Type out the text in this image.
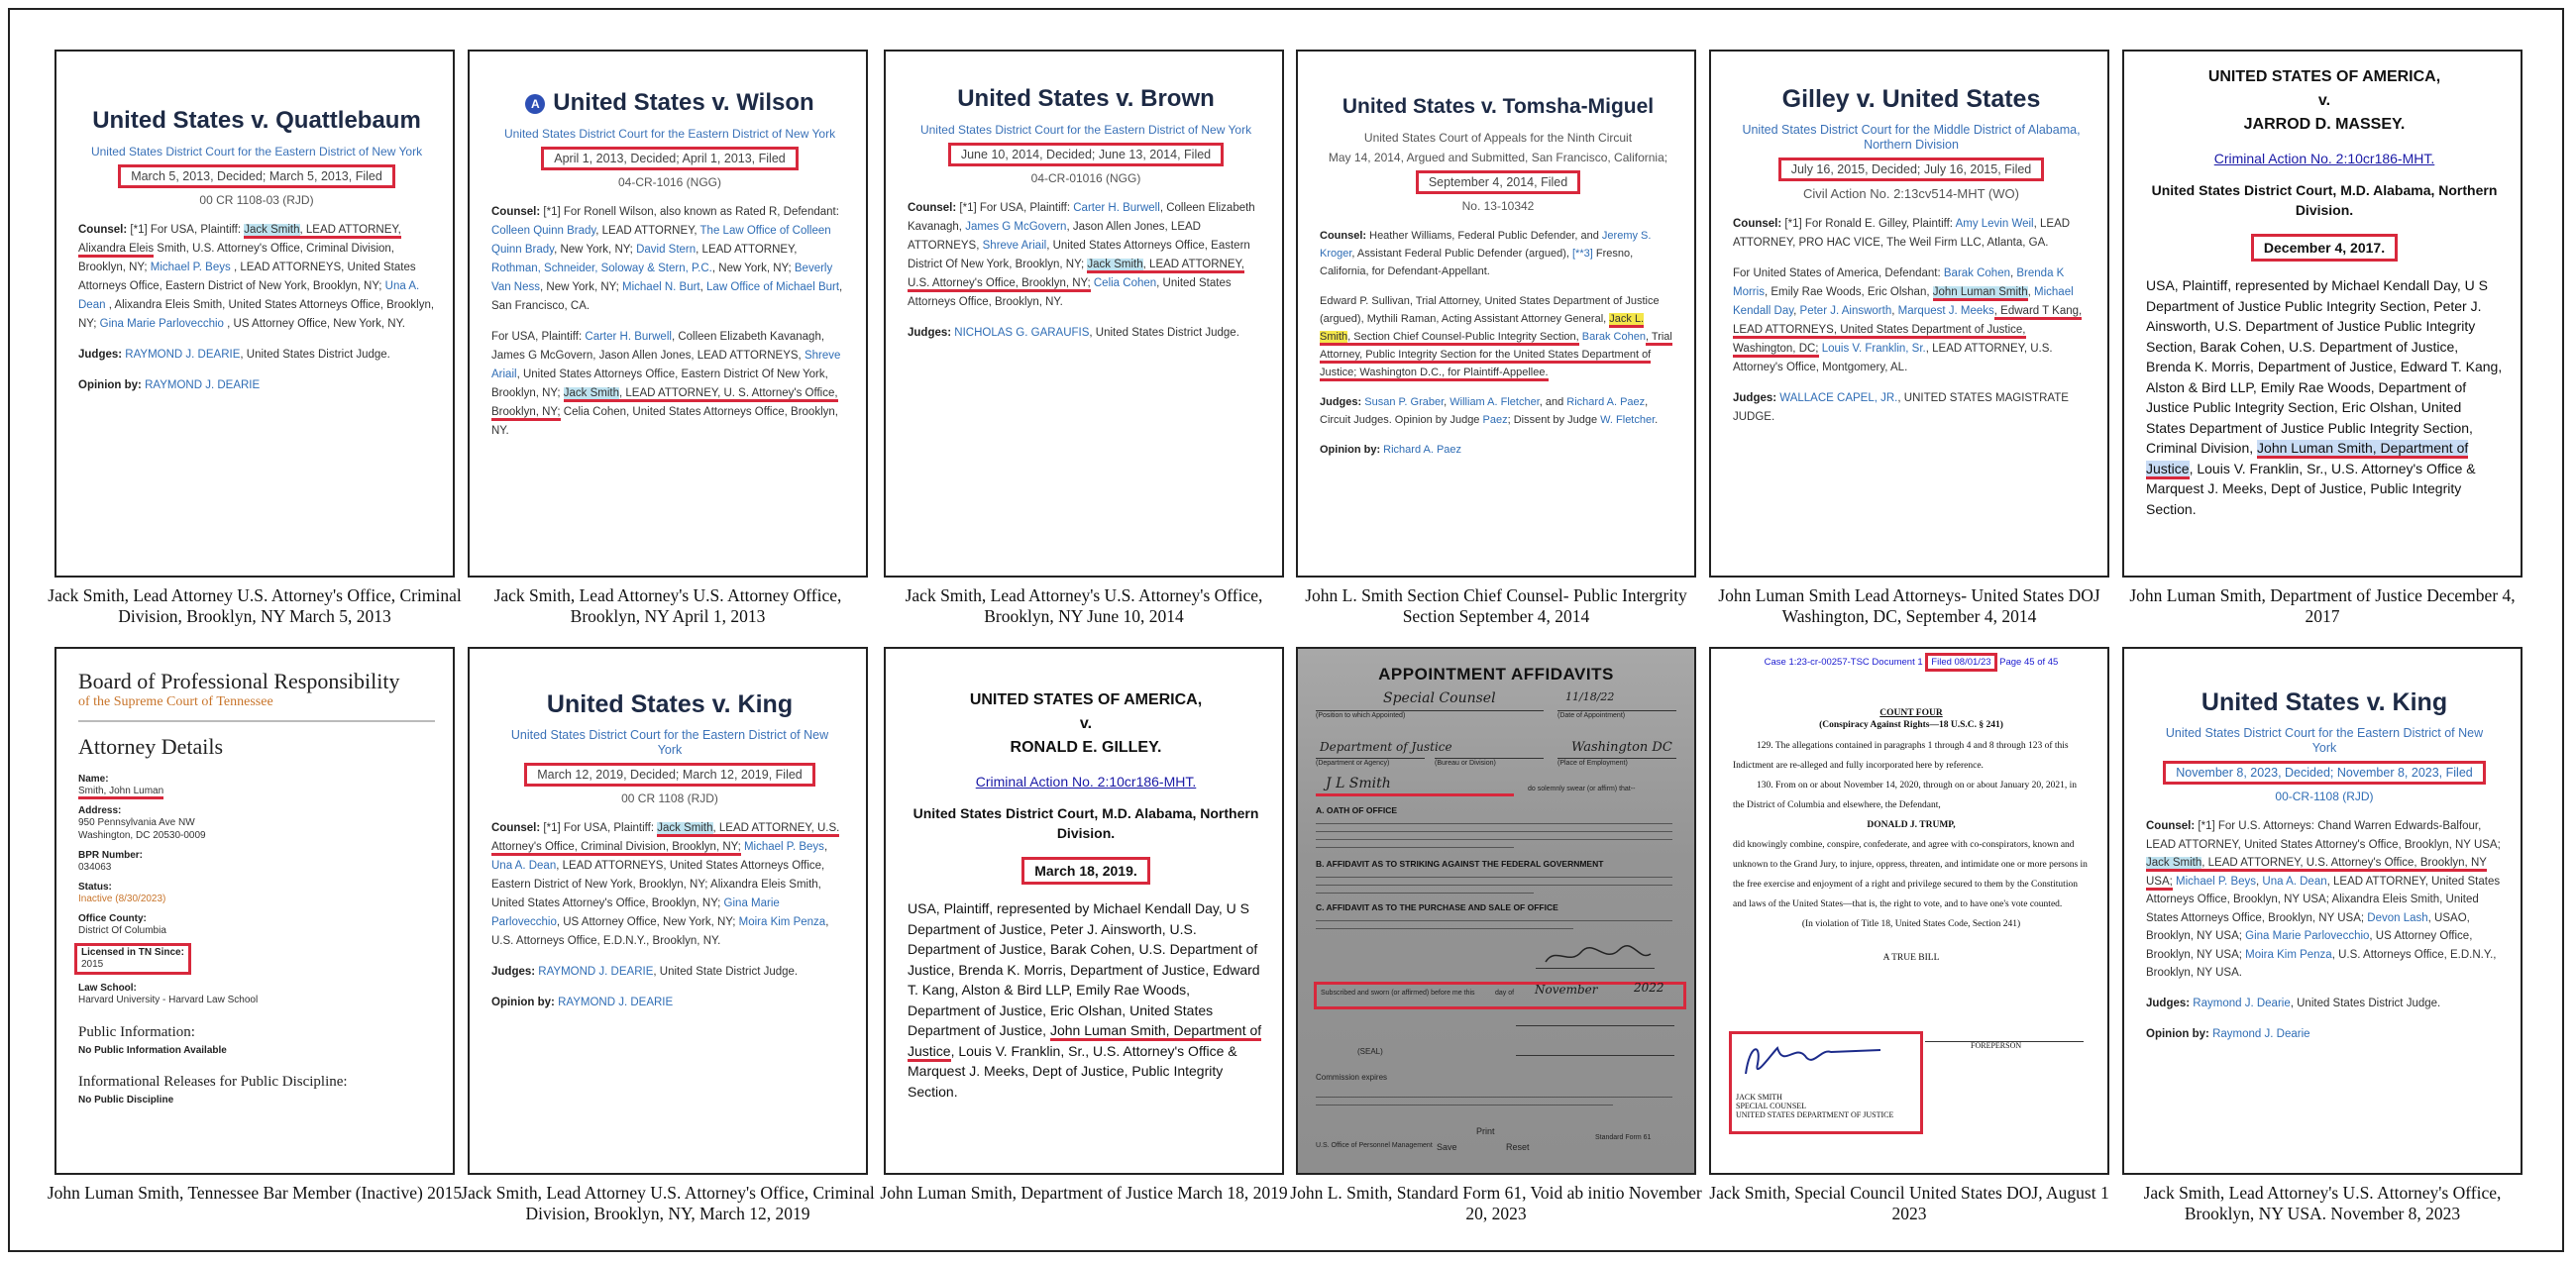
United States v. Quattlebaum
United States District Court for the Eastern District of New York
March 5, 2013, Decided; March 5, 2013, Filed
00 CR 1108-03 (RJD)
Counsel: [*1] For USA, Plaintiff: Jack Smith, LEAD ATTORNEY, Alixandra Eleis Smith, U.S. Attorney's Office, Criminal Division, Brooklyn, NY; Michael P. Beys , LEAD ATTORNEYS, United States Attorneys Office, Eastern District of New York, Brooklyn, NY; Una A. Dean , Alixandra Eleis Smith, United States Attorneys Office, Brooklyn, NY; Gina Marie Parlovecchio , US Attorney Office, New York, NY.
Judges: RAYMOND J. DEARIE, United States District Judge.
Opinion by: RAYMOND J. DEARIE
Jack Smith, Lead Attorney U.S. Attorney's Office, Criminal Division, Brooklyn, NY March 5, 2013
A United States v. Wilson
United States District Court for the Eastern District of New York
April 1, 2013, Decided; April 1, 2013, Filed
04-CR-1016 (NGG)
Counsel: [*1] For Ronell Wilson, also known as Rated R, Defendant: Colleen Quinn Brady, LEAD ATTORNEY, The Law Office of Colleen Quinn Brady, New York, NY; David Stern, LEAD ATTORNEY, Rothman, Schneider, Soloway & Stern, P.C., New York, NY; Beverly Van Ness, New York, NY; Michael N. Burt, Law Office of Michael Burt, San Francisco, CA.
For USA, Plaintiff: Carter H. Burwell, Colleen Elizabeth Kavanagh, James G McGovern, Jason Allen Jones, LEAD ATTORNEYS, Shreve Ariail, United States Attorneys Office, Eastern District Of New York, Brooklyn, NY; Jack Smith, LEAD ATTORNEY, U. S. Attorney's Office, Brooklyn, NY; Celia Cohen, United States Attorneys Office, Brooklyn, NY.
Jack Smith, Lead Attorney's U.S. Attorney Office, Brooklyn, NY April 1, 2013
United States v. Brown
United States District Court for the Eastern District of New York
June 10, 2014, Decided; June 13, 2014, Filed
04-CR-01016 (NGG)
Counsel: [*1] For USA, Plaintiff: Carter H. Burwell, Colleen Elizabeth Kavanagh, James G McGovern, Jason Allen Jones, LEAD ATTORNEYS, Shreve Ariail, United States Attorneys Office, Eastern District Of New York, Brooklyn, NY; Jack Smith, LEAD ATTORNEY, U.S. Attorney's Office, Brooklyn, NY; Celia Cohen, United States Attorneys Office, Brooklyn, NY.
Judges: NICHOLAS G. GARAUFIS, United States District Judge.
Jack Smith, Lead Attorney's U.S. Attorney's Office, Brooklyn, NY June 10, 2014
United States v. Tomsha-Miguel
United States Court of Appeals for the Ninth Circuit
May 14, 2014, Argued and Submitted, San Francisco, California;
September 4, 2014, Filed
No. 13-10342
Counsel: Heather Williams, Federal Public Defender, and Jeremy S. Kroger, Assistant Federal Public Defender (argued), [**3] Fresno, California, for Defendant-Appellant.
Edward P. Sullivan, Trial Attorney, United States Department of Justice (argued), Mythili Raman, Acting Assistant Attorney General, Jack L. Smith, Section Chief Counsel-Public Integrity Section, Barak Cohen, Trial Attorney, Public Integrity Section for the United States Department of Justice; Washington D.C., for Plaintiff-Appellee.
Judges: Susan P. Graber, William A. Fletcher, and Richard A. Paez, Circuit Judges. Opinion by Judge Paez; Dissent by Judge W. Fletcher.
Opinion by: Richard A. Paez
John L. Smith Section Chief Counsel- Public Intergrity Section September 4, 2014
Gilley v. United States
United States District Court for the Middle District of Alabama, Northern Division
July 16, 2015, Decided; July 16, 2015, Filed
Civil Action No. 2:13cv514-MHT (WO)
Counsel: [*1] For Ronald E. Gilley, Plaintiff: Amy Levin Weil, LEAD ATTORNEY, PRO HAC VICE, The Weil Firm LLC, Atlanta, GA.
For United States of America, Defendant: Barak Cohen, Brenda K Morris, Emily Rae Woods, Eric Olshan, John Luman Smith, Michael Kendall Day, Peter J. Ainsworth, Marquest J. Meeks, Edward T Kang, LEAD ATTORNEYS, United States Department of Justice, Washington, DC; Louis V. Franklin, Sr., LEAD ATTORNEY, U.S. Attorney's Office, Montgomery, AL.
Judges: WALLACE CAPEL, JR., UNITED STATES MAGISTRATE JUDGE.
John Luman Smith Lead Attorneys- United States DOJ Washington, DC, September 4, 2014
UNITED STATES OF AMERICA,
v.
JARROD D. MASSEY.
Criminal Action No. 2:10cr186-MHT.
United States District Court, M.D. Alabama, Northern Division.
December 4, 2017.
USA, Plaintiff, represented by Michael Kendall Day, U S Department of Justice Public Integrity Section, Peter J. Ainsworth, U.S. Department of Justice Public Integrity Section, Barak Cohen, U.S. Department of Justice, Brenda K. Morris, Department of Justice, Edward T. Kang, Alston & Bird LLP, Emily Rae Woods, Department of Justice Public Integrity Section, Eric Olshan, United States Department of Justice Public Integrity Section, Criminal Division, John Luman Smith, Department of Justice, Louis V. Franklin, Sr., U.S. Attorney's Office & Marquest J. Meeks, Dept of Justice, Public Integrity Section.
John Luman Smith, Department of Justice December 4, 2017
Board of Professional Responsibility
of the Supreme Court of Tennessee
Attorney Details
Name:
Smith, John Luman
Address:
950 Pennsylvania Ave NW
Washington, DC 20530-0009
BPR Number:
034063
Status:
Inactive (8/30/2023)
Office County:
District Of Columbia
Licensed in TN Since:
2015
Law School:
Harvard University - Harvard Law School
Public Information:
No Public Information Available
Informational Releases for Public Discipline:
No Public Discipline
John Luman Smith, Tennessee Bar Member (Inactive) 2015
United States v. King
United States District Court for the Eastern District of New York
March 12, 2019, Decided; March 12, 2019, Filed
00 CR 1108 (RJD)
Counsel: [*1] For USA, Plaintiff: Jack Smith, LEAD ATTORNEY, U.S. Attorney's Office, Criminal Division, Brooklyn, NY; Michael P. Beys, Una A. Dean, LEAD ATTORNEYS, United States Attorneys Office, Eastern District of New York, Brooklyn, NY; Alixandra Eleis Smith, United States Attorney's Office, Brooklyn, NY; Gina Marie Parlovecchio, US Attorney Office, New York, NY; Moira Kim Penza, U.S. Attorneys Office, E.D.N.Y., Brooklyn, NY.
Judges: RAYMOND J. DEARIE, United State District Judge.
Opinion by: RAYMOND J. DEARIE
Jack Smith, Lead Attorney U.S. Attorney's Office, Criminal Division, Brooklyn, NY, March 12, 2019
UNITED STATES OF AMERICA,
v.
RONALD E. GILLEY.
Criminal Action No. 2:10cr186-MHT.
United States District Court, M.D. Alabama, Northern Division.
March 18, 2019.
USA, Plaintiff, represented by Michael Kendall Day, U S Department of Justice, Peter J. Ainsworth, U.S. Department of Justice, Barak Cohen, U.S. Department of Justice, Brenda K. Morris, Department of Justice, Edward T. Kang, Alston & Bird LLP, Emily Rae Woods, Department of Justice, Eric Olshan, United States Department of Justice, John Luman Smith, Department of Justice, Louis V. Franklin, Sr., U.S. Attorney's Office & Marquest J. Meeks, Dept of Justice, Public Integrity Section.
John Luman Smith, Department of Justice March 18, 2019
APPOINTMENT AFFIDAVITS
Special Counsel	11/18/22
(Position to which Appointed)	(Date of Appointment)
Department of Justice	Washington DC
(Department or Agency)	(Bureau or Division)	(Place of Employment)
J L Smith	do solemnly swear (or affirm) that--
A. OATH OF OFFICE
B. AFFIDAVIT AS TO STRIKING AGAINST THE FEDERAL GOVERNMENT
C. AFFIDAVIT AS TO THE PURCHASE AND SALE OF OFFICE
Subscribed and sworn (or affirmed) before me this	day of November	2022
(SEAL)
Commission expires
Print
Save	Reset
U.S. Office of Personnel Management
Standard Form 61
John L. Smith, Standard Form 61, Void ab initio November 20, 2023
Case 1:23-cr-00257-TSC Document 1 Filed 08/01/23 Page 45 of 45
COUNT FOUR
(Conspiracy Against Rights—18 U.S.C. § 241)
129. The allegations contained in paragraphs 1 through 4 and 8 through 123 of this Indictment are re-alleged and fully incorporated here by reference.
130. From on or about November 14, 2020, through on or about January 20, 2021, in the District of Columbia and elsewhere, the Defendant,
DONALD J. TRUMP,
did knowingly combine, conspire, confederate, and agree with co-conspirators, known and unknown to the Grand Jury, to injure, oppress, threaten, and intimidate one or more persons in the free exercise and enjoyment of a right and privilege secured to them by the Constitution and laws of the United States—that is, the right to vote, and to have one's vote counted.
(In violation of Title 18, United States Code, Section 241)
A TRUE BILL
FOREPERSON
JACK SMITH
SPECIAL COUNSEL
UNITED STATES DEPARTMENT OF JUSTICE
Jack Smith, Special Council United States DOJ, August 1 2023
United States v. King
United States District Court for the Eastern District of New York
November 8, 2023, Decided; November 8, 2023, Filed
00-CR-1108 (RJD)
Counsel: [*1] For U.S. Attorneys: Chand Warren Edwards-Balfour, LEAD ATTORNEY, United States Attorney's Office, Brooklyn, NY USA; Jack Smith, LEAD ATTORNEY, U.S. Attorney's Office, Brooklyn, NY USA; Michael P. Beys, Una A. Dean, LEAD ATTORNEY, United States Attorneys Office, Brooklyn, NY USA; Alixandra Eleis Smith, United States Attorneys Office, Brooklyn, NY USA; Devon Lash, USAO, Brooklyn, NY USA; Gina Marie Parlovecchio, US Attorney Office, Brooklyn, NY USA; Moira Kim Penza, U.S. Attorneys Office, E.D.N.Y., Brooklyn, NY USA.
Judges: Raymond J. Dearie, United States District Judge.
Opinion by: Raymond J. Dearie
Jack Smith, Lead Attorney's U.S. Attorney's Office, Brooklyn, NY USA. November 8, 2023
